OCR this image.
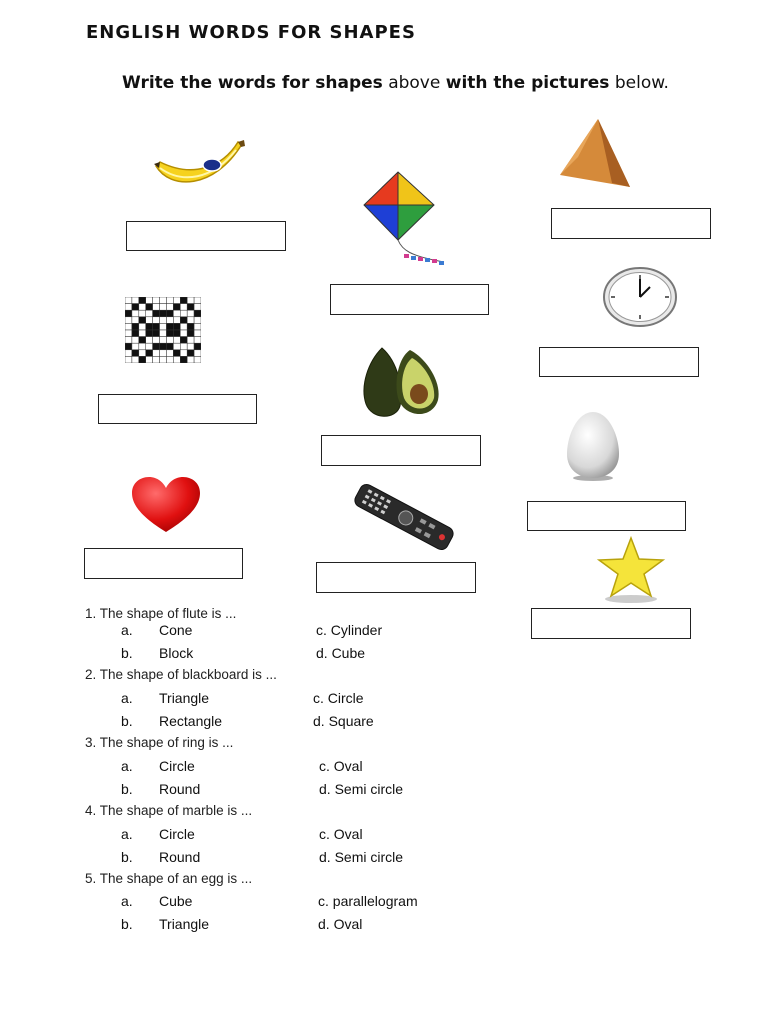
ENGLISH WORDS FOR SHAPES
Write the words for shapes above with the pictures below.
1. The shape of flute is ...
a. Cone
b. Block
c. Cylinder
d. Cube
2. The shape of blackboard is ...
a. Triangle
b. Rectangle
c. Circle
d. Square
3. The shape of ring is ...
a. Circle
b. Round
c. Oval
d. Semi circle
4. The shape of marble is ...
a. Circle
b. Round
c. Oval
d. Semi circle
5. The shape of an egg is ...
a. Cube
b. Triangle
c. parallelogram
d. Oval
